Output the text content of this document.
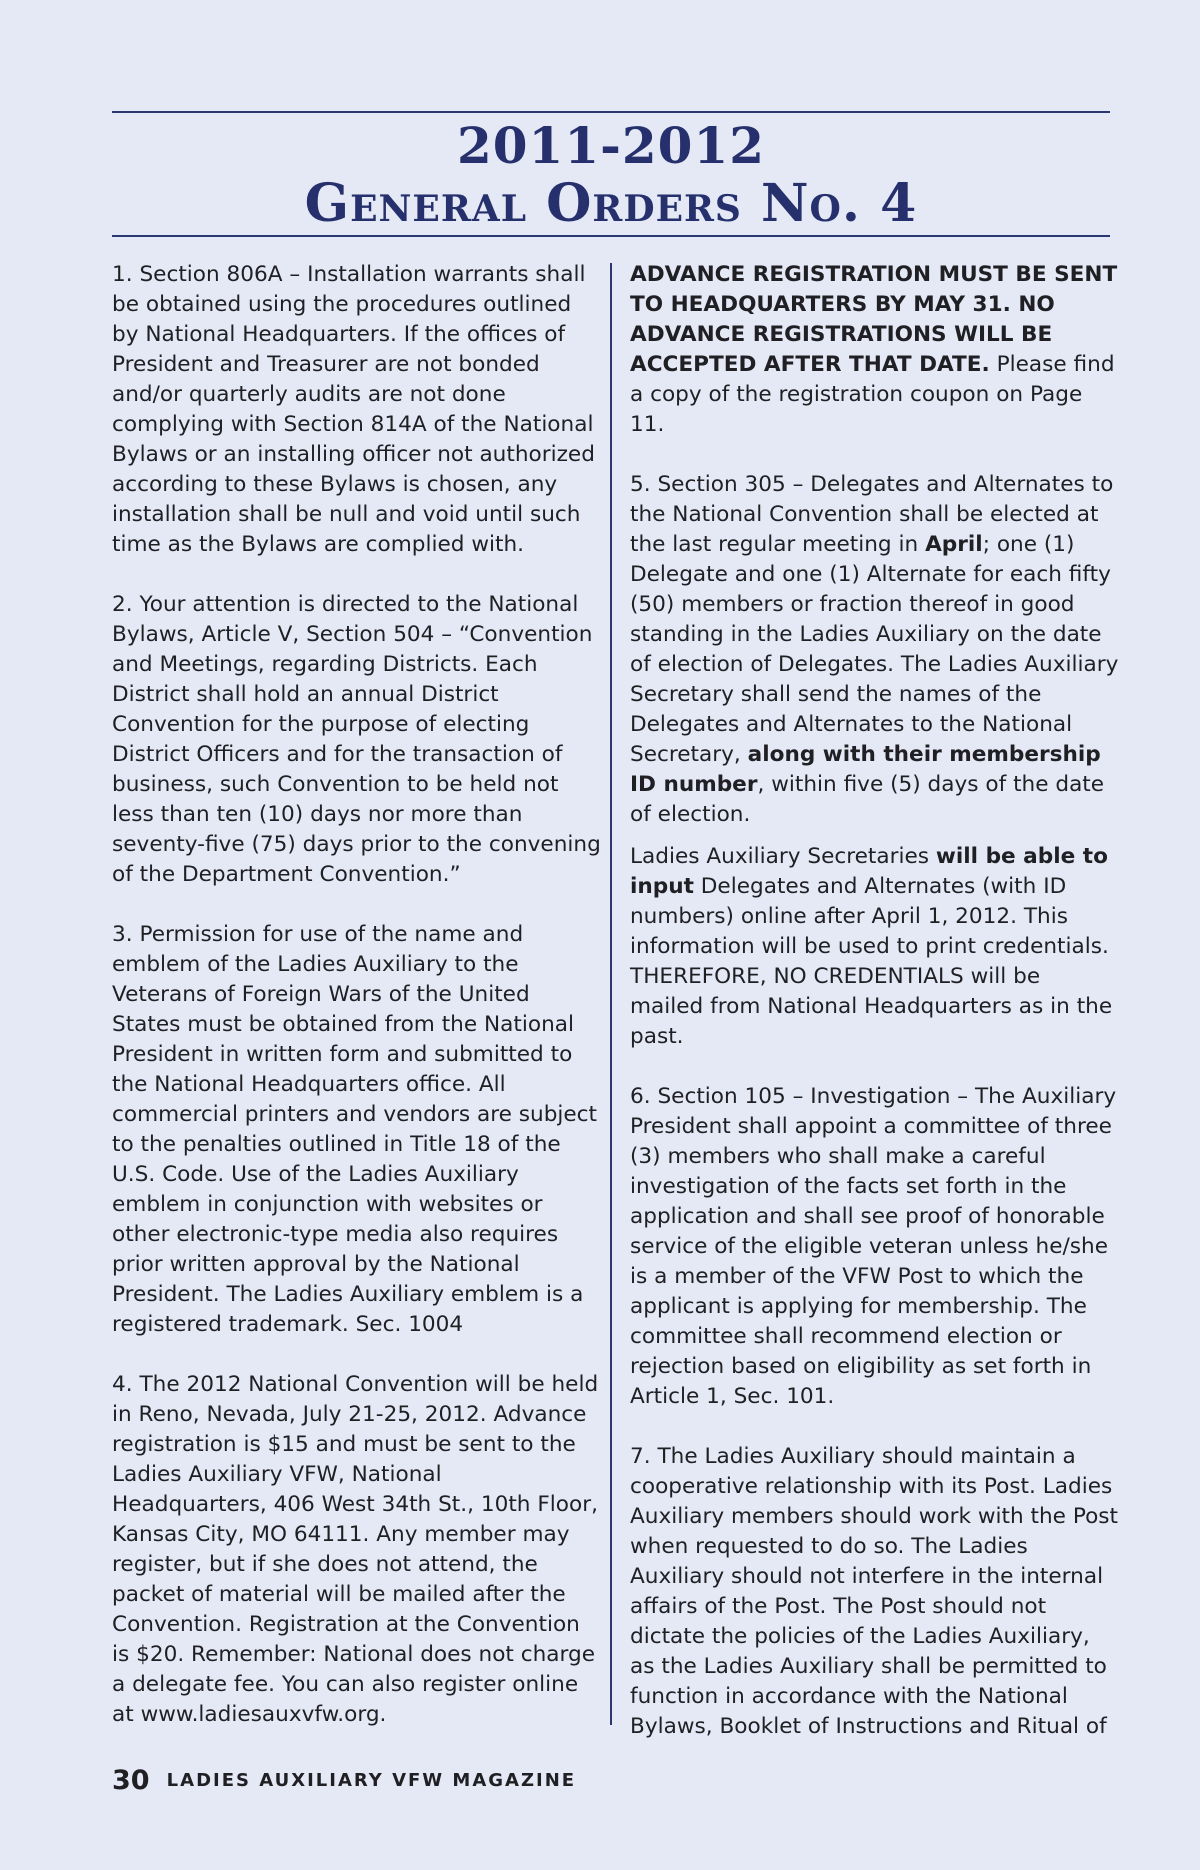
2011-2012
General Orders No. 4

1. Section 806A – Installation warrants shall be obtained using the procedures outlined by National Headquarters. If the offices of President and Treasurer are not bonded and/or quarterly audits are not done complying with Section 814A of the National Bylaws or an installing officer not authorized according to these Bylaws is chosen, any installation shall be null and void until such time as the Bylaws are complied with.

2. Your attention is directed to the National Bylaws, Article V, Section 504 – “Convention and Meetings, regarding Districts. Each District shall hold an annual District Convention for the purpose of electing District Officers and for the transaction of business, such Convention to be held not less than ten (10) days nor more than seventy-five (75) days prior to the convening of the Department Convention.”

3. Permission for use of the name and emblem of the Ladies Auxiliary to the Veterans of Foreign Wars of the United States must be obtained from the National President in written form and submitted to the National Headquarters office. All commercial printers and vendors are subject to the penalties outlined in Title 18 of the U.S. Code. Use of the Ladies Auxiliary emblem in conjunction with websites or other electronic-type media also requires prior written approval by the National President. The Ladies Auxiliary emblem is a registered trademark. Sec. 1004

4. The 2012 National Convention will be held in Reno, Nevada, July 21-25, 2012. Advance registration is $15 and must be sent to the Ladies Auxiliary VFW, National Headquarters, 406 West 34th St., 10th Floor, Kansas City, MO 64111. Any member may register, but if she does not attend, the packet of material will be mailed after the Convention. Registration at the Convention is $20. Remember: National does not charge a delegate fee. You can also register online at www.ladiesauxvfw.org.

ADVANCE REGISTRATION MUST BE SENT TO HEADQUARTERS BY MAY 31. NO ADVANCE REGISTRATIONS WILL BE ACCEPTED AFTER THAT DATE. Please find a copy of the registration coupon on Page 11.

5. Section 305 – Delegates and Alternates to the National Convention shall be elected at the last regular meeting in April; one (1) Delegate and one (1) Alternate for each fifty (50) members or fraction thereof in good standing in the Ladies Auxiliary on the date of election of Delegates. The Ladies Auxiliary Secretary shall send the names of the Delegates and Alternates to the National Secretary, along with their membership ID number, within five (5) days of the date of election.

Ladies Auxiliary Secretaries will be able to input Delegates and Alternates (with ID numbers) online after April 1, 2012. This information will be used to print credentials. THEREFORE, NO CREDENTIALS will be mailed from National Headquarters as in the past.

6. Section 105 – Investigation – The Auxiliary President shall appoint a committee of three (3) members who shall make a careful investigation of the facts set forth in the application and shall see proof of honorable service of the eligible veteran unless he/she is a member of the VFW Post to which the applicant is applying for membership. The committee shall recommend election or rejection based on eligibility as set forth in Article 1, Sec. 101.

7. The Ladies Auxiliary should maintain a cooperative relationship with its Post. Ladies Auxiliary members should work with the Post when requested to do so. The Ladies Auxiliary should not interfere in the internal affairs of the Post. The Post should not dictate the policies of the Ladies Auxiliary, as the Ladies Auxiliary shall be permitted to function in accordance with the National Bylaws, Booklet of Instructions and Ritual of

30 LADIES AUXILIARY VFW MAGAZINE
